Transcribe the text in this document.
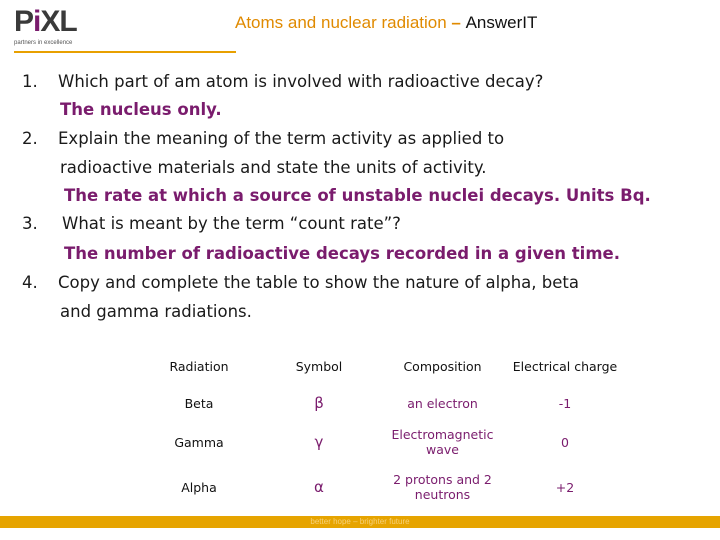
PiXL
partners in excellence
Atoms and nuclear radiation – AnswerIT
1. Which part of am atom is involved with radioactive decay?
The nucleus only.
2. Explain the meaning of the term activity as applied to
radioactive materials and state the units of activity.
The rate at which a source of unstable nuclei decays. Units Bq.
3. What is meant by the term “count rate”?
The number of radioactive decays recorded in a given time.
4. Copy and complete the table to show the nature of alpha, beta
and gamma radiations.
Radiation	Symbol	Composition	Electrical charge
Beta	β	an electron	-1
Gamma	γ	Electromagnetic wave	0
Alpha	α	2 protons and 2 neutrons	+2
better hope – brighter future
